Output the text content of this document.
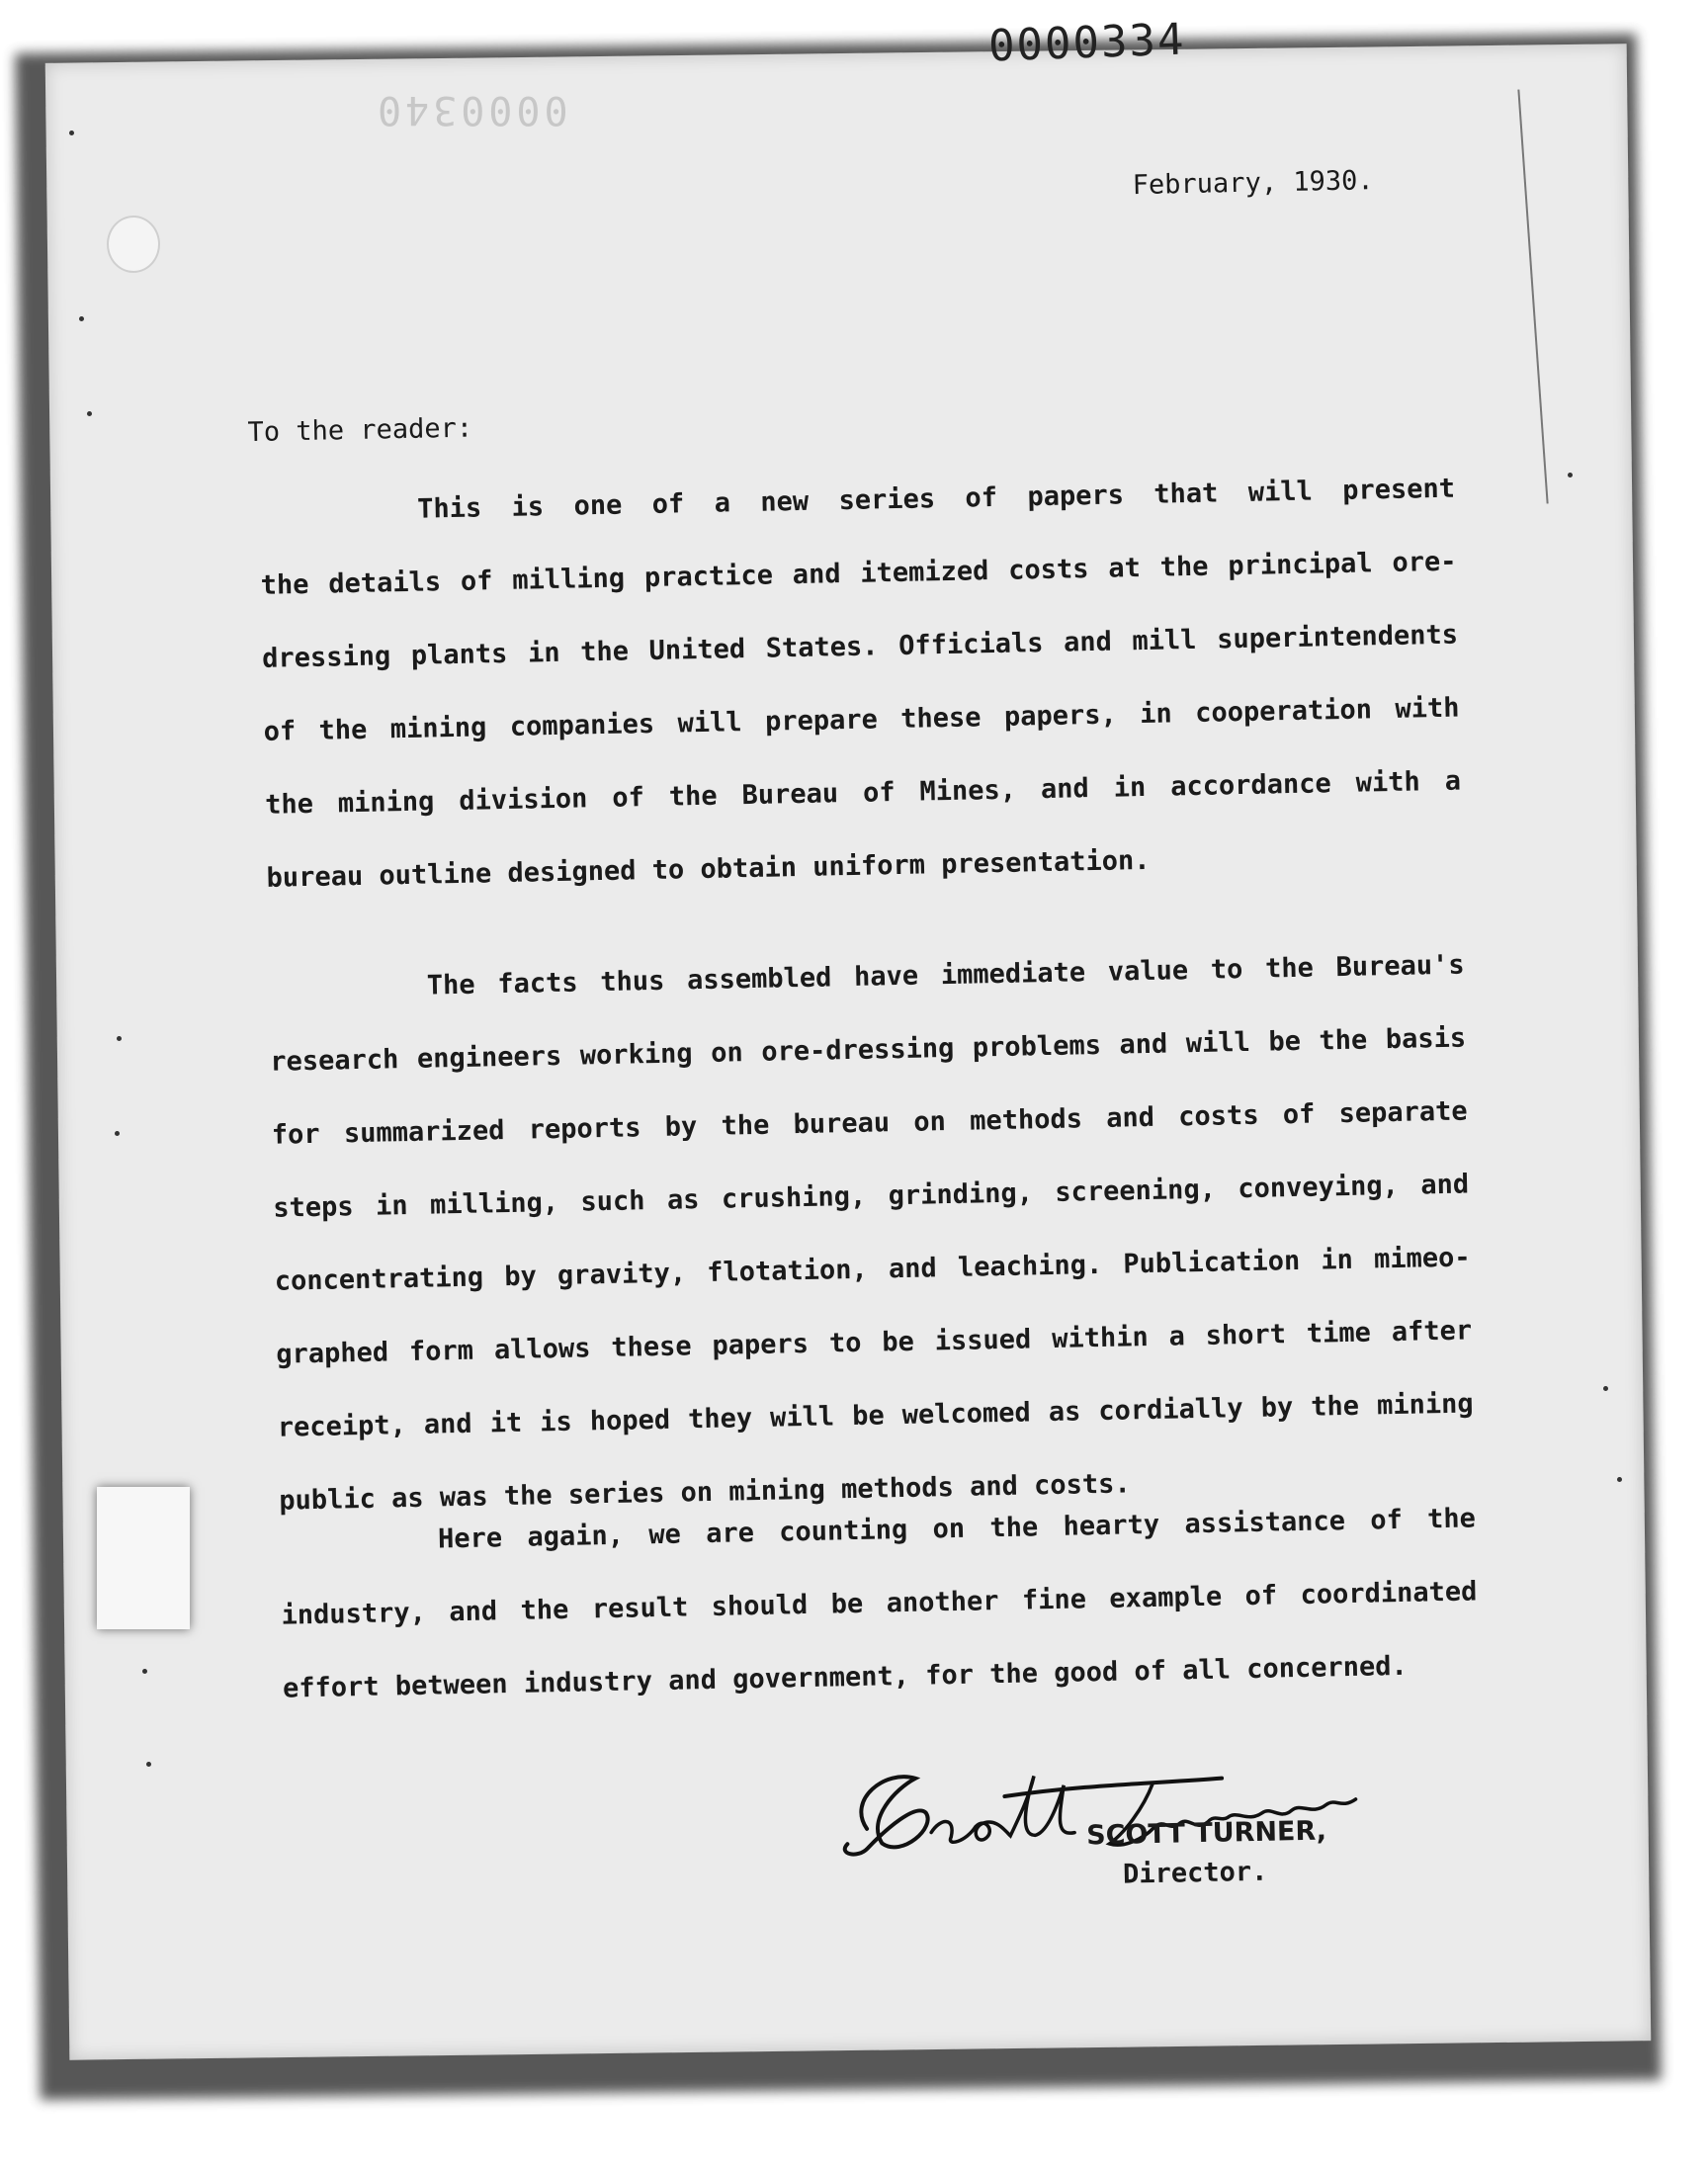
0000334
0000340
February, 1930.
To the reader:
This is one of a new series of papers that will present
the details of milling practice and itemized costs at the principal ore-
dressing plants in the United States. Officials and mill superintendents
of the mining companies will prepare these papers, in cooperation with
the mining division of the Bureau of Mines, and in accordance with a
bureau outline designed to obtain uniform presentation.
The facts thus assembled have immediate value to the Bureau's
research engineers working on ore-dressing problems and will be the basis
for summarized reports by the bureau on methods and costs of separate
steps in milling, such as crushing, grinding, screening, conveying, and
concentrating by gravity, flotation, and leaching. Publication in mimeo-
graphed form allows these papers to be issued within a short time after
receipt, and it is hoped they will be welcomed as cordially by the mining
public as was the series on mining methods and costs.
Here again, we are counting on the hearty assistance of the
industry, and the result should be another fine example of coordinated
effort between industry and government, for the good of all concerned.
SCOTT TURNER,
Director.
